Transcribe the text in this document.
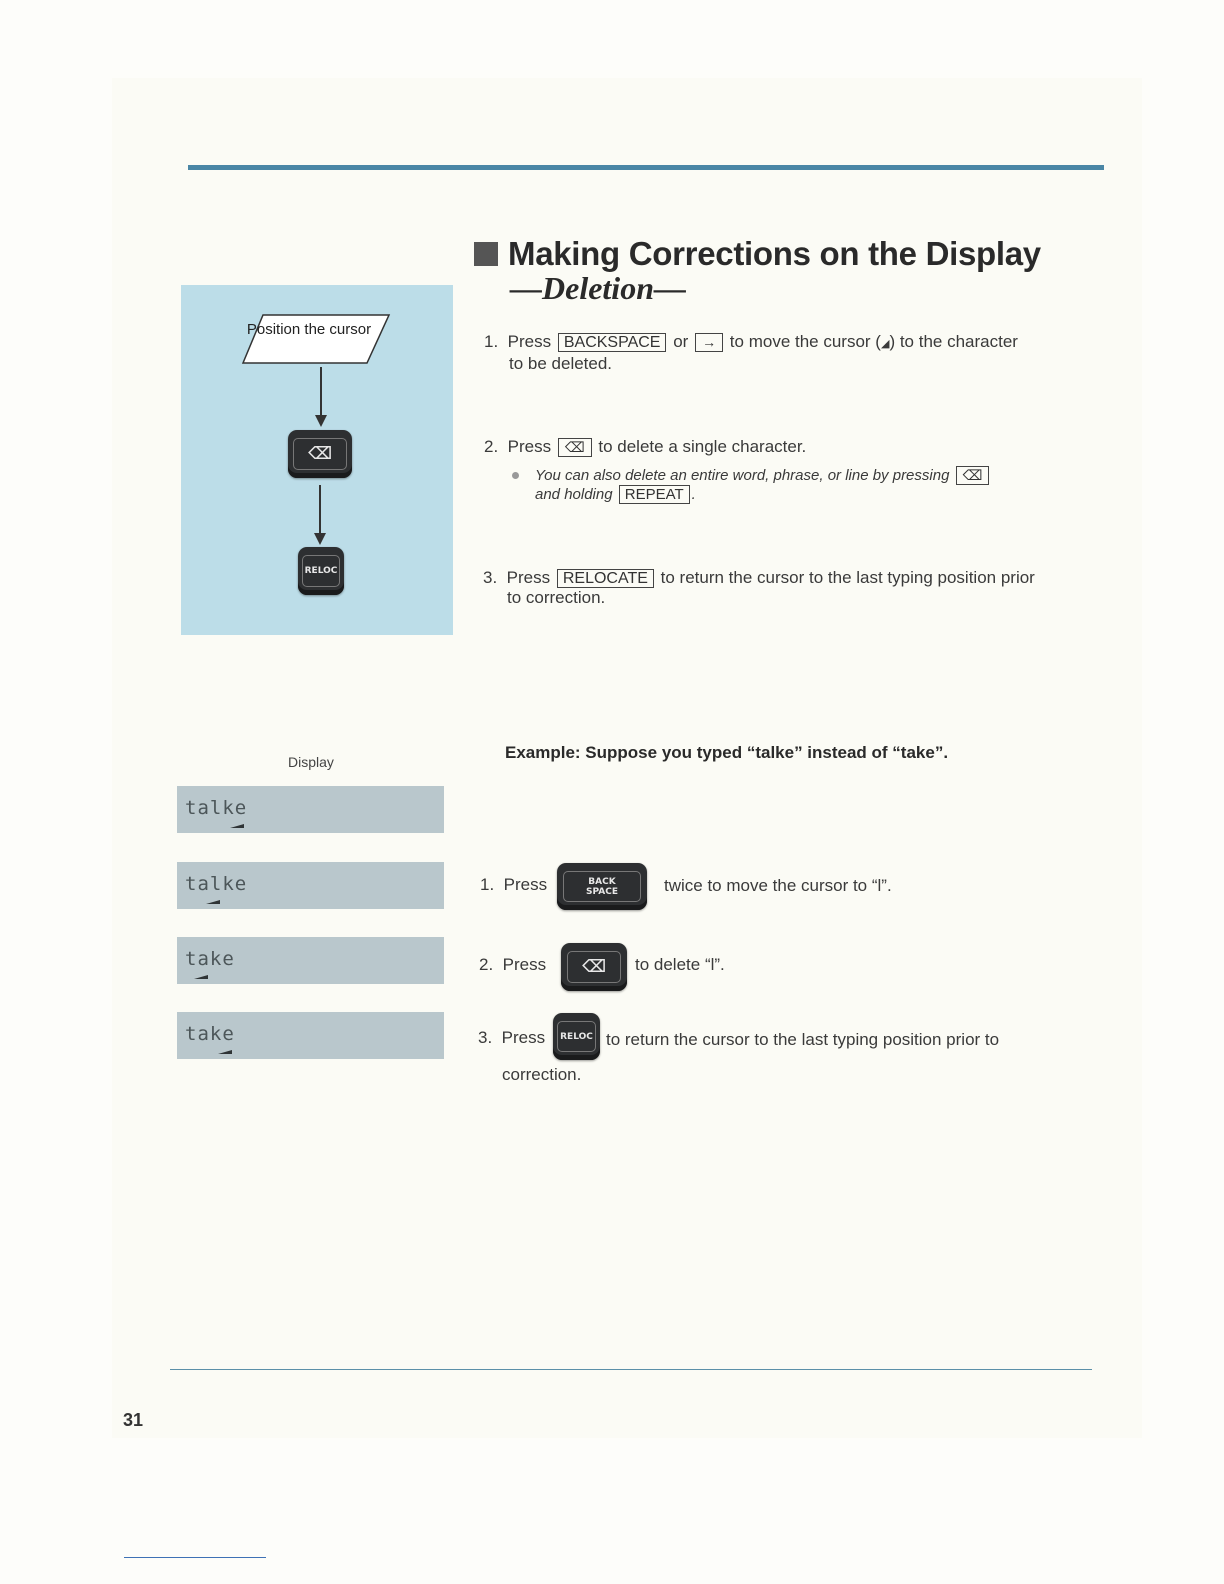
Position the cursor
⌫
RELOC
Making Corrections on the Display
—Deletion—
1. Press BACKSPACE or → to move the cursor (◢) to the character
to be deleted.
2. Press ⌫ to delete a single character.
You can also delete an entire word, phrase, or line by pressing ⌫
and holding REPEAT .
3. Press RELOCATE to return the cursor to the last typing position prior
to correction.
Display
talke
talke
take
take
Example: Suppose you typed “talke” instead of “take”.
1. Press	BACK SPACE	twice to move the cursor to “l”.
2. Press ⌫ to delete “l”.
3. Press RELOC to return the cursor to the last typing position prior to
correction.
31
